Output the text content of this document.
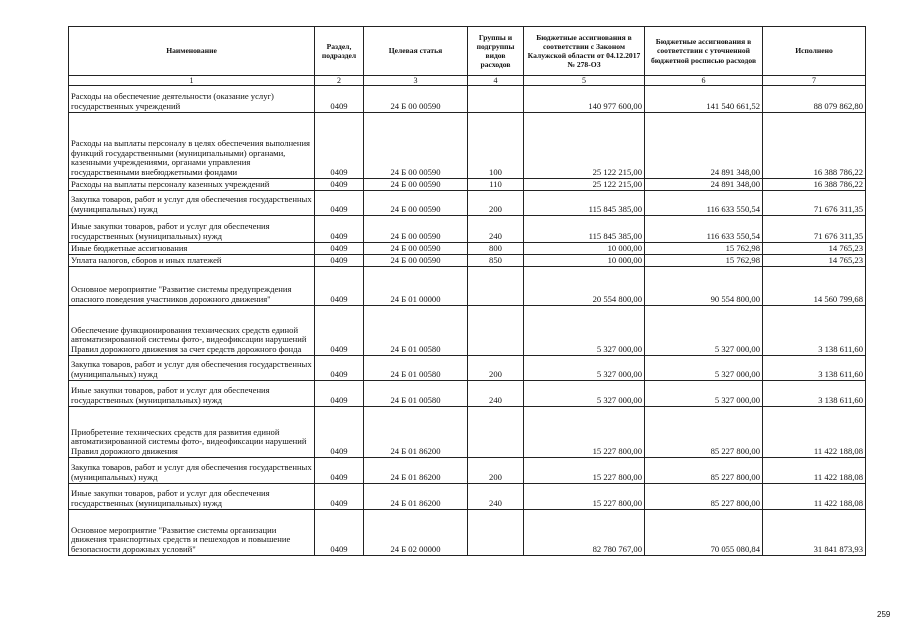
Наименование	Раздел, подраздел	Целевая статья	Группы и подгруппы видов расходов	Бюджетные ассигнования в соответствии с Законом Калужской области от 04.12.2017 № 278-ОЗ	Бюджетные ассигнования в соответствии с уточненной бюджетной росписью расходов	Исполнено
1	2	3	4	5	6	7
Расходы на обеспечение деятельности (оказание услуг) государственных учреждений	0409	24 Б 00 00590		140 977 600,00	141 540 661,52	88 079 862,80
Расходы на выплаты персоналу в целях обеспечения выполнения функций государственными (муниципальными) органами, казенными учреждениями, органами управления государственными внебюджетными фондами	0409	24 Б 00 00590	100	25 122 215,00	24 891 348,00	16 388 786,22
Расходы на выплаты персоналу казенных учреждений	0409	24 Б 00 00590	110	25 122 215,00	24 891 348,00	16 388 786,22
Закупка товаров, работ и услуг для обеспечения государственных (муниципальных) нужд	0409	24 Б 00 00590	200	115 845 385,00	116 633 550,54	71 676 311,35
Иные закупки товаров, работ и услуг для обеспечения государственных (муниципальных) нужд	0409	24 Б 00 00590	240	115 845 385,00	116 633 550,54	71 676 311,35
Иные бюджетные ассигнования	0409	24 Б 00 00590	800	10 000,00	15 762,98	14 765,23
Уплата налогов, сборов и иных платежей	0409	24 Б 00 00590	850	10 000,00	15 762,98	14 765,23
Основное мероприятие "Развитие системы предупреждения опасного поведения участников дорожного движения"	0409	24 Б 01 00000		20 554 800,00	90 554 800,00	14 560 799,68
Обеспечение функционирования технических средств единой автоматизированной системы фото-, видеофиксации нарушений Правил дорожного движения за счет средств дорожного фонда	0409	24 Б 01 00580		5 327 000,00	5 327 000,00	3 138 611,60
Закупка товаров, работ и услуг для обеспечения государственных (муниципальных) нужд	0409	24 Б 01 00580	200	5 327 000,00	5 327 000,00	3 138 611,60
Иные закупки товаров, работ и услуг для обеспечения государственных (муниципальных) нужд	0409	24 Б 01 00580	240	5 327 000,00	5 327 000,00	3 138 611,60
Приобретение технических средств для развития единой автоматизированной системы фото-, видеофиксации нарушений Правил дорожного движения	0409	24 Б 01 86200		15 227 800,00	85 227 800,00	11 422 188,08
Закупка товаров, работ и услуг для обеспечения государственных (муниципальных) нужд	0409	24 Б 01 86200	200	15 227 800,00	85 227 800,00	11 422 188,08
Иные закупки товаров, работ и услуг для обеспечения государственных (муниципальных) нужд	0409	24 Б 01 86200	240	15 227 800,00	85 227 800,00	11 422 188,08
Основное мероприятие "Развитие системы организации движения транспортных средств и пешеходов и повышение безопасности дорожных условий"	0409	24 Б 02 00000		82 780 767,00	70 055 080,84	31 841 873,93
259
